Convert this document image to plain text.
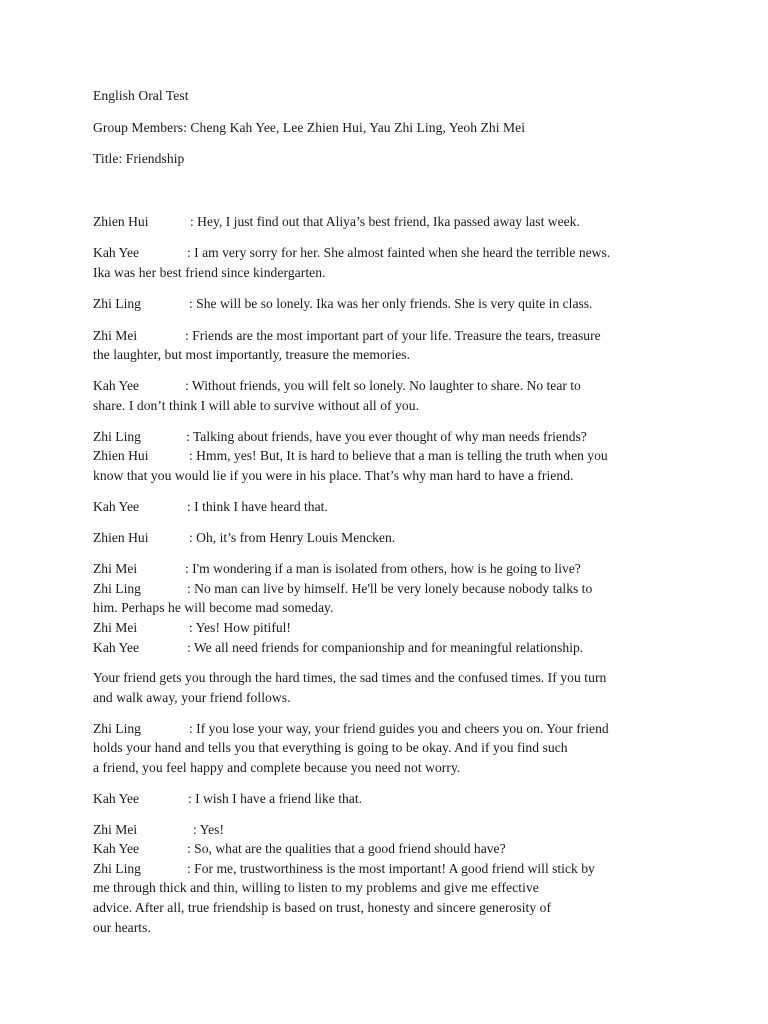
English Oral Test
Group Members: Cheng Kah Yee, Lee Zhien Hui, Yau Zhi Ling, Yeoh Zhi Mei
Title: Friendship
Zhien Hui	: Hey, I just find out that Aliya’s best friend, Ika passed away last week.
Kah Yee	: I am very sorry for her. She almost fainted when she heard the terrible news.
Ika was her best friend since kindergarten.
Zhi Ling	: She will be so lonely. Ika was her only friends. She is very quite in class.
Zhi Mei	: Friends are the most important part of your life. Treasure the tears, treasure
the laughter, but most importantly, treasure the memories.
Kah Yee	: Without friends, you will felt so lonely. No laughter to share. No tear to
share. I don’t think I will able to survive without all of you.
Zhi Ling	: Talking about friends, have you ever thought of why man needs friends?
Zhien Hui	: Hmm, yes! But, It is hard to believe that a man is telling the truth when you
know that you would lie if you were in his place. That’s why man hard to have a friend.
Kah Yee	: I think I have heard that.
Zhien Hui	: Oh, it’s from Henry Louis Mencken.
Zhi Mei	: I'm wondering if a man is isolated from others, how is he going to live?
Zhi Ling	: No man can live by himself. He'll be very lonely because nobody talks to
him. Perhaps he will become mad someday.
Zhi Mei	: Yes! How pitiful!
Kah Yee	: We all need friends for companionship and for meaningful relationship.
Your friend gets you through the hard times, the sad times and the confused times. If you turn
and walk away, your friend follows.
Zhi Ling	: If you lose your way, your friend guides you and cheers you on. Your friend
holds your hand and tells you that everything is going to be okay. And if you find such
a friend, you feel happy and complete because you need not worry.
Kah Yee	: I wish I have a friend like that.
Zhi Mei	: Yes!
Kah Yee	: So, what are the qualities that a good friend should have?
Zhi Ling	: For me, trustworthiness is the most important! A good friend will stick by
me through thick and thin, willing to listen to my problems and give me effective
advice. After all, true friendship is based on trust, honesty and sincere generosity of
our hearts.
